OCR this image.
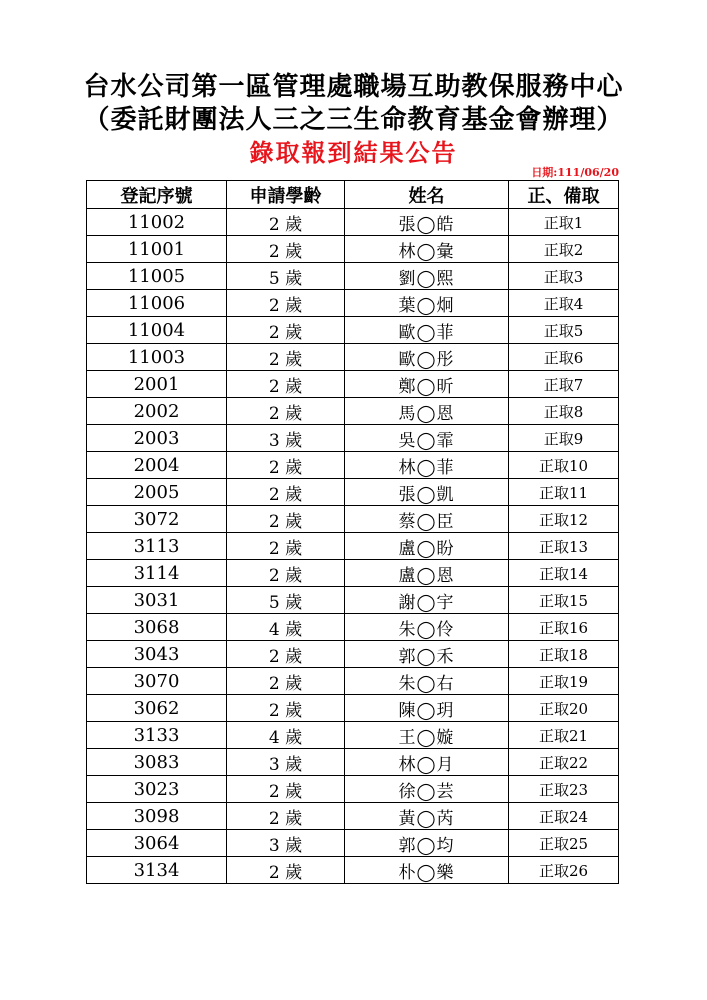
台水公司第一區管理處職場互助教保服務中心
（委託財團法人三之三生命教育基金會辦理）
錄取報到結果公告
日期:111/06/20
登記序號	申請學齡	姓名	正、備取
11002	2 歲	張◯皓	正取1
11001	2 歲	林◯彙	正取2
11005	5 歲	劉◯熙	正取3
11006	2 歲	葉◯炯	正取4
11004	2 歲	歐◯菲	正取5
11003	2 歲	歐◯彤	正取6
2001	2 歲	鄭◯昕	正取7
2002	2 歲	馬◯恩	正取8
2003	3 歲	吳◯霏	正取9
2004	2 歲	林◯菲	正取10
2005	2 歲	張◯凱	正取11
3072	2 歲	蔡◯臣	正取12
3113	2 歲	盧◯盼	正取13
3114	2 歲	盧◯恩	正取14
3031	5 歲	謝◯宇	正取15
3068	4 歲	朱◯伶	正取16
3043	2 歲	郭◯禾	正取18
3070	2 歲	朱◯右	正取19
3062	2 歲	陳◯玥	正取20
3133	4 歲	王◯嫙	正取21
3083	3 歲	林◯月	正取22
3023	2 歲	徐◯芸	正取23
3098	2 歲	黃◯芮	正取24
3064	3 歲	郭◯均	正取25
3134	2 歲	朴◯樂	正取26
